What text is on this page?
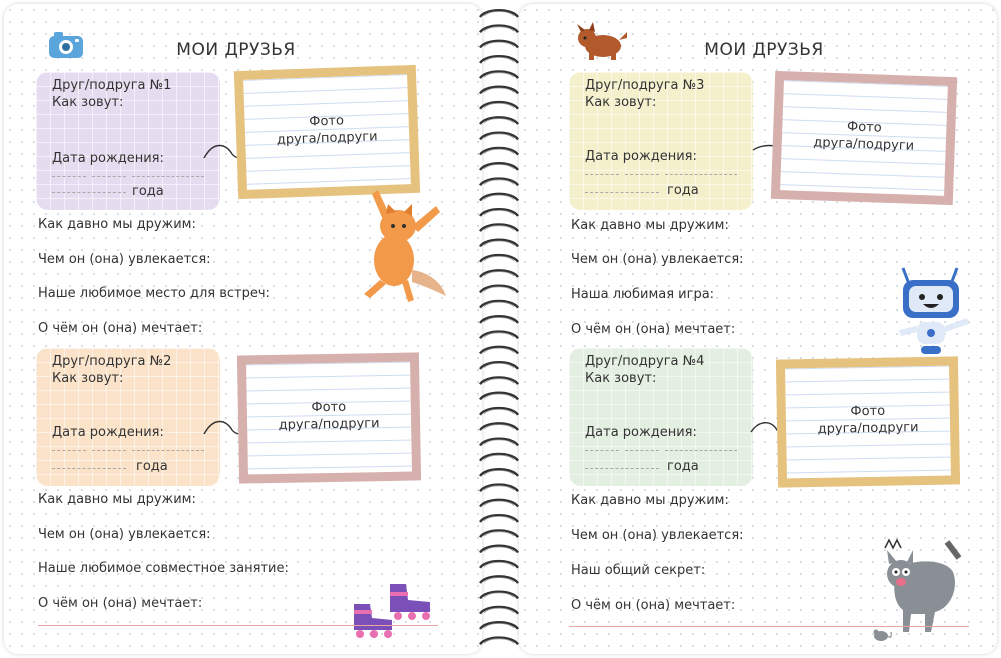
МОИ ДРУЗЬЯ
Друг/подруга №1
Как зовут:
Дата рождения:
года
Фото
друга/подруги
Как давно мы дружим:
Чем он (она) увлекается:
Наше любимое место для встреч:
О чём он (она) мечтает:
Друг/подруга №2
Как зовут:
Дата рождения:
года
Фото
друга/подруги
Как давно мы дружим:
Чем он (она) увлекается:
Наше любимое совместное занятие:
О чём он (она) мечтает:
МОИ ДРУЗЬЯ
Друг/подруга №3
Как зовут:
Дата рождения:
года
Фото
друга/подруги
Как давно мы дружим:
Чем он (она) увлекается:
Наша любимая игра:
О чём он (она) мечтает:
Друг/подруга №4
Как зовут:
Дата рождения:
года
Фото
друга/подруги
Как давно мы дружим:
Чем он (она) увлекается:
Наш общий секрет:
О чём он (она) мечтает:
